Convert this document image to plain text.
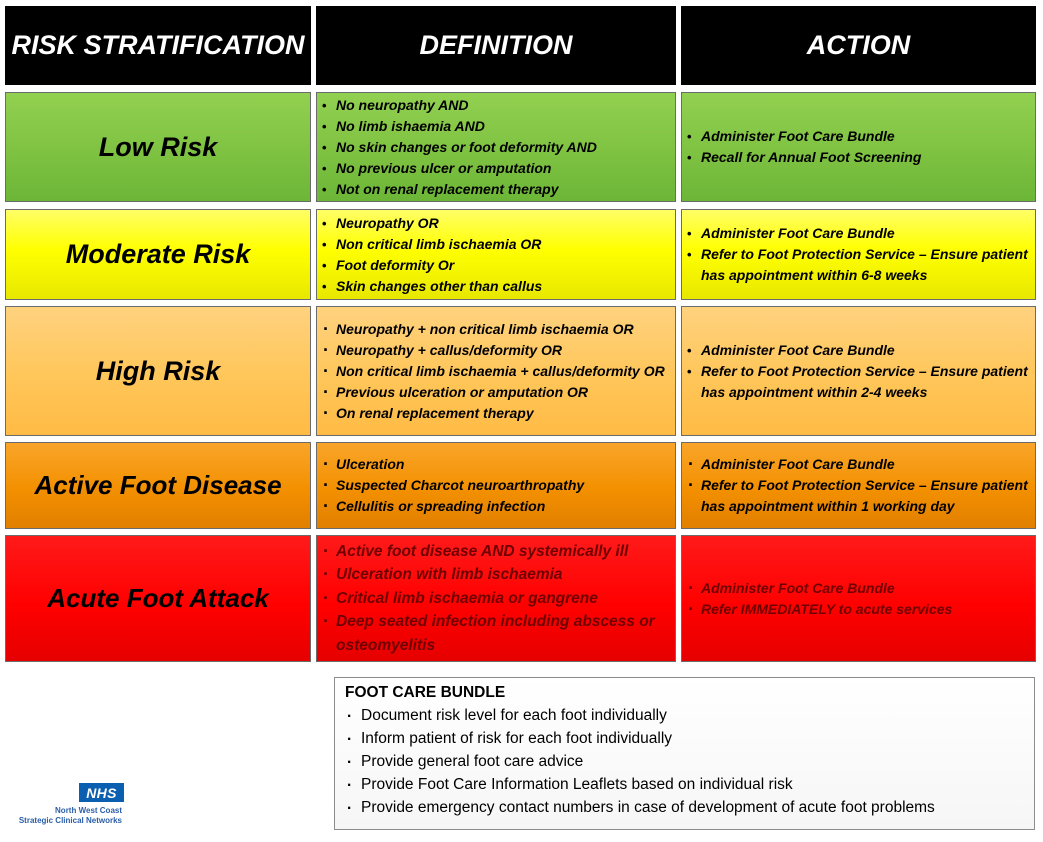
RISK STRATIFICATION	DEFINITION	ACTION
Low Risk
• No neuropathy AND
• No limb ishaemia AND
• No skin changes or foot deformity AND
• No previous ulcer or amputation
• Not on renal replacement therapy
• Administer Foot Care Bundle
• Recall for Annual Foot Screening
Moderate Risk
• Neuropathy OR
• Non critical limb ischaemia OR
• Foot deformity Or
• Skin changes other than callus
• Administer Foot Care Bundle
• Refer to Foot Protection Service – Ensure patient has appointment within 6-8 weeks
High Risk
· Neuropathy + non critical limb ischaemia OR
· Neuropathy + callus/deformity OR
· Non critical limb ischaemia + callus/deformity OR
· Previous ulceration or amputation OR
· On renal replacement therapy
• Administer Foot Care Bundle
• Refer to Foot Protection Service – Ensure patient has appointment within 2-4 weeks
Active Foot Disease
· Ulceration
· Suspected Charcot neuroarthropathy
· Cellulitis or spreading infection
· Administer Foot Care Bundle
· Refer to Foot Protection Service – Ensure patient has appointment within 1 working day
Acute Foot Attack
· Active foot disease AND systemically ill
· Ulceration with limb ischaemia
· Critical limb ischaemia or gangrene
· Deep seated infection including abscess or osteomyelitis
· Administer Foot Care Bundle
· Refer IMMEDIATELY to acute services
FOOT CARE BUNDLE
. Document risk level for each foot individually
. Inform patient of risk for each foot individually
. Provide general foot care advice
. Provide Foot Care Information Leaflets based on individual risk
. Provide emergency contact numbers in case of development of acute foot problems
NHS
North West Coast
Strategic Clinical Networks
